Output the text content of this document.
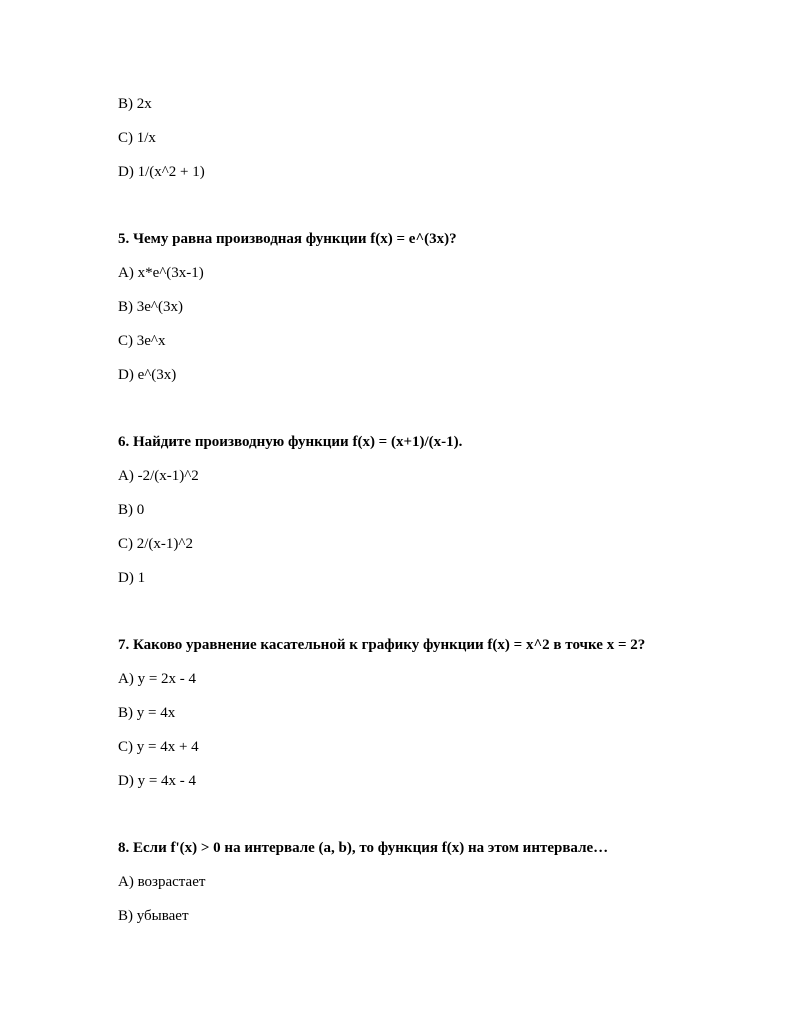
B) 2x
C) 1/x
D) 1/(x^2 + 1)
5. Чему равна производная функции f(x) = e^(3x)?
A) x*e^(3x-1)
B) 3e^(3x)
C) 3e^x
D) e^(3x)
6. Найдите производную функции f(x) = (x+1)/(x-1).
A) -2/(x-1)^2
B) 0
C) 2/(x-1)^2
D) 1
7. Каково уравнение касательной к графику функции f(x) = x^2 в точке x = 2?
A) y = 2x - 4
B) y = 4x
C) y = 4x + 4
D) y = 4x - 4
8. Если f'(x) > 0 на интервале (a, b), то функция f(x) на этом интервале…
A) возрастает
B) убывает
